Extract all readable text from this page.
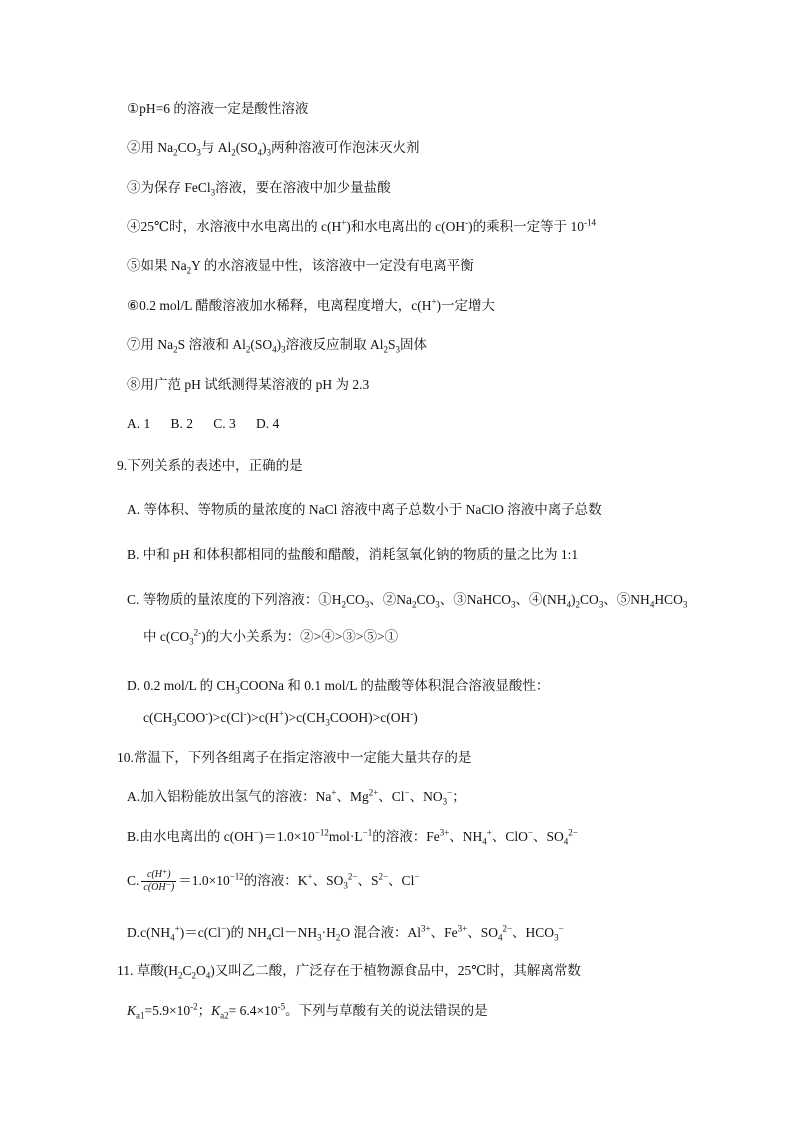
①pH=6 的溶液一定是酸性溶液
②用 $Na_2CO_3$与 $Al_2(SO_4)_3$两种溶液可作泡沫灭火剂
③为保存 FeCl$_3$溶液，要在溶液中加少量盐酸
④25℃时，水溶液中水电离出的 c(H+)和水电离出的 c(OH-)的乘积一定等于 $10^{-14}$
⑤如果 $Na_2Y$ 的水溶液显中性，该溶液中一定没有电离平衡
⑥0.2 mol/L 醋酸溶液加水稀释，电离程度增大，c(H+)一定增大
⑦用 $Na_2S$ 溶液和 $Al_2(SO_4)_3$溶液反应制取 $Al_2S_3$固体
⑧用广范 pH 试纸测得某溶液的 pH 为 2.3
A. 1      B. 2      C. 3      D. 4
9.下列关系的表述中，正确的是
A. 等体积、等物质的量浓度的 NaCl 溶液中离子总数小于 NaClO 溶液中离子总数
B. 中和 pH 和体积都相同的盐酸和醋酸，消耗氢氧化钠的物质的量之比为 1:1
C. 等物质的量浓度的下列溶液：$①H_2CO_3$、$②Na_2CO_3$、③NaHCO$_3$、$④(NH_4)_2CO_3$、$⑤NH_4HCO_3$
中 $c(CO_3^{2-})$的大小关系为：②>④>③>⑤>①
D. 0.2 mol/L 的 $CH_3COONa$ 和 0.1 mol/L 的盐酸等体积混合溶液显酸性：
$c(CH_3COO^-)>c(Cl^-)>c(H^+)>c(CH_3COOH)>c(OH^-)$
10.常温下，下列各组离子在指定溶液中一定能大量共存的是
A.加入铝粉能放出氢气的溶液：Na+、$Mg^{2+}$、Cl−、$NO_3^-$；
B.由水电离出的 $c(OH^-)=1.0\times 10^{-12}mol\cdot L^{-1}$的溶液：$Fe^{3+}$、$NH_4^+$、ClO−、$SO_4^{2-}$
C. $\frac{c(H^+)}{c(OH^-)} =1.0\times 10^{-12}$的溶液：K+、$SO_3^{2-}$、$S^{2-}$、Cl−
$D.c(NH_4^+)=c(Cl^-)$的 $NH_4Cl-NH_3\cdot H_2O$ 混合液：$Al^{3+}$、$Fe^{3+}$、$SO_4^{2-}$、$HCO_3^-$
11. 草酸$(H_2C_2O_4)$又叫乙二酸，广泛存在于植物源食品中，25℃时，其解离常数
$K_{a1}=5.9\times 10^{-2}$；$K_{a2}= 6.4\times 10^{-5}$。下列与草酸有关的说法错误的是
